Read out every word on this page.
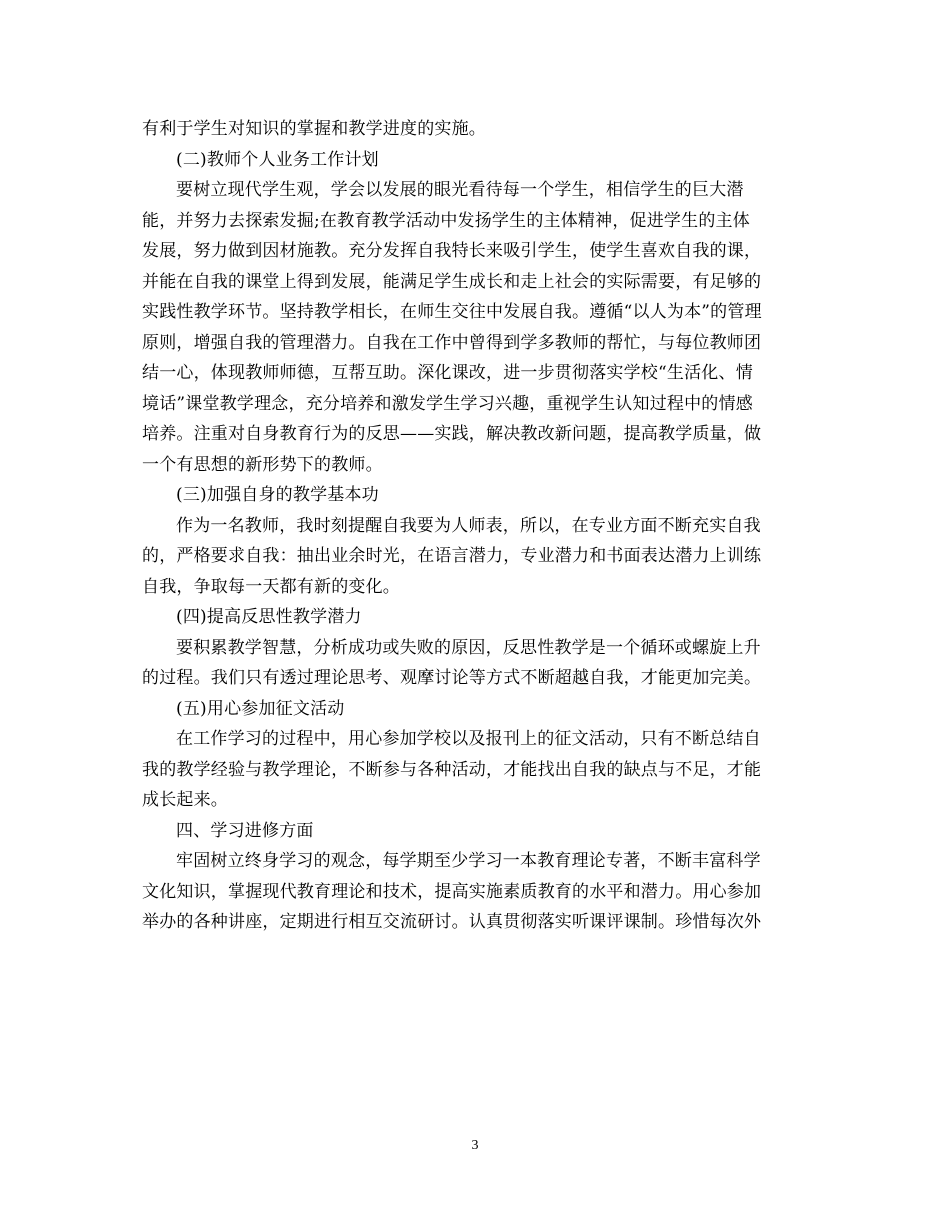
有利于学生对知识的掌握和教学进度的实施。
(二)教师个人业务工作计划
要树立现代学生观，学会以发展的眼光看待每一个学生，相信学生的巨大潜
能，并努力去探索发掘;在教育教学活动中发扬学生的主体精神，促进学生的主体
发展，努力做到因材施教。充分发挥自我特长来吸引学生，使学生喜欢自我的课，
并能在自我的课堂上得到发展，能满足学生成长和走上社会的实际需要，有足够的
实践性教学环节。坚持教学相长，在师生交往中发展自我。遵循“以人为本”的管理
原则，增强自我的管理潜力。自我在工作中曾得到学多教师的帮忙，与每位教师团
结一心，体现教师师德，互帮互助。深化课改，进一步贯彻落实学校“生活化、情
境话”课堂教学理念，充分培养和激发学生学习兴趣，重视学生认知过程中的情感
培养。注重对自身教育行为的反思——实践，解决教改新问题，提高教学质量，做
一个有思想的新形势下的教师。
(三)加强自身的教学基本功
作为一名教师，我时刻提醒自我要为人师表，所以，在专业方面不断充实自我
的，严格要求自我：抽出业余时光，在语言潜力，专业潜力和书面表达潜力上训练
自我，争取每一天都有新的变化。
(四)提高反思性教学潜力
要积累教学智慧，分析成功或失败的原因，反思性教学是一个循环或螺旋上升
的过程。我们只有透过理论思考、观摩讨论等方式不断超越自我，才能更加完美。
(五)用心参加征文活动
在工作学习的过程中，用心参加学校以及报刊上的征文活动，只有不断总结自
我的教学经验与教学理论，不断参与各种活动，才能找出自我的缺点与不足，才能
成长起来。
四、学习进修方面
牢固树立终身学习的观念，每学期至少学习一本教育理论专著，不断丰富科学
文化知识，掌握现代教育理论和技术，提高实施素质教育的水平和潜力。用心参加
举办的各种讲座，定期进行相互交流研讨。认真贯彻落实听课评课制。珍惜每次外
3
